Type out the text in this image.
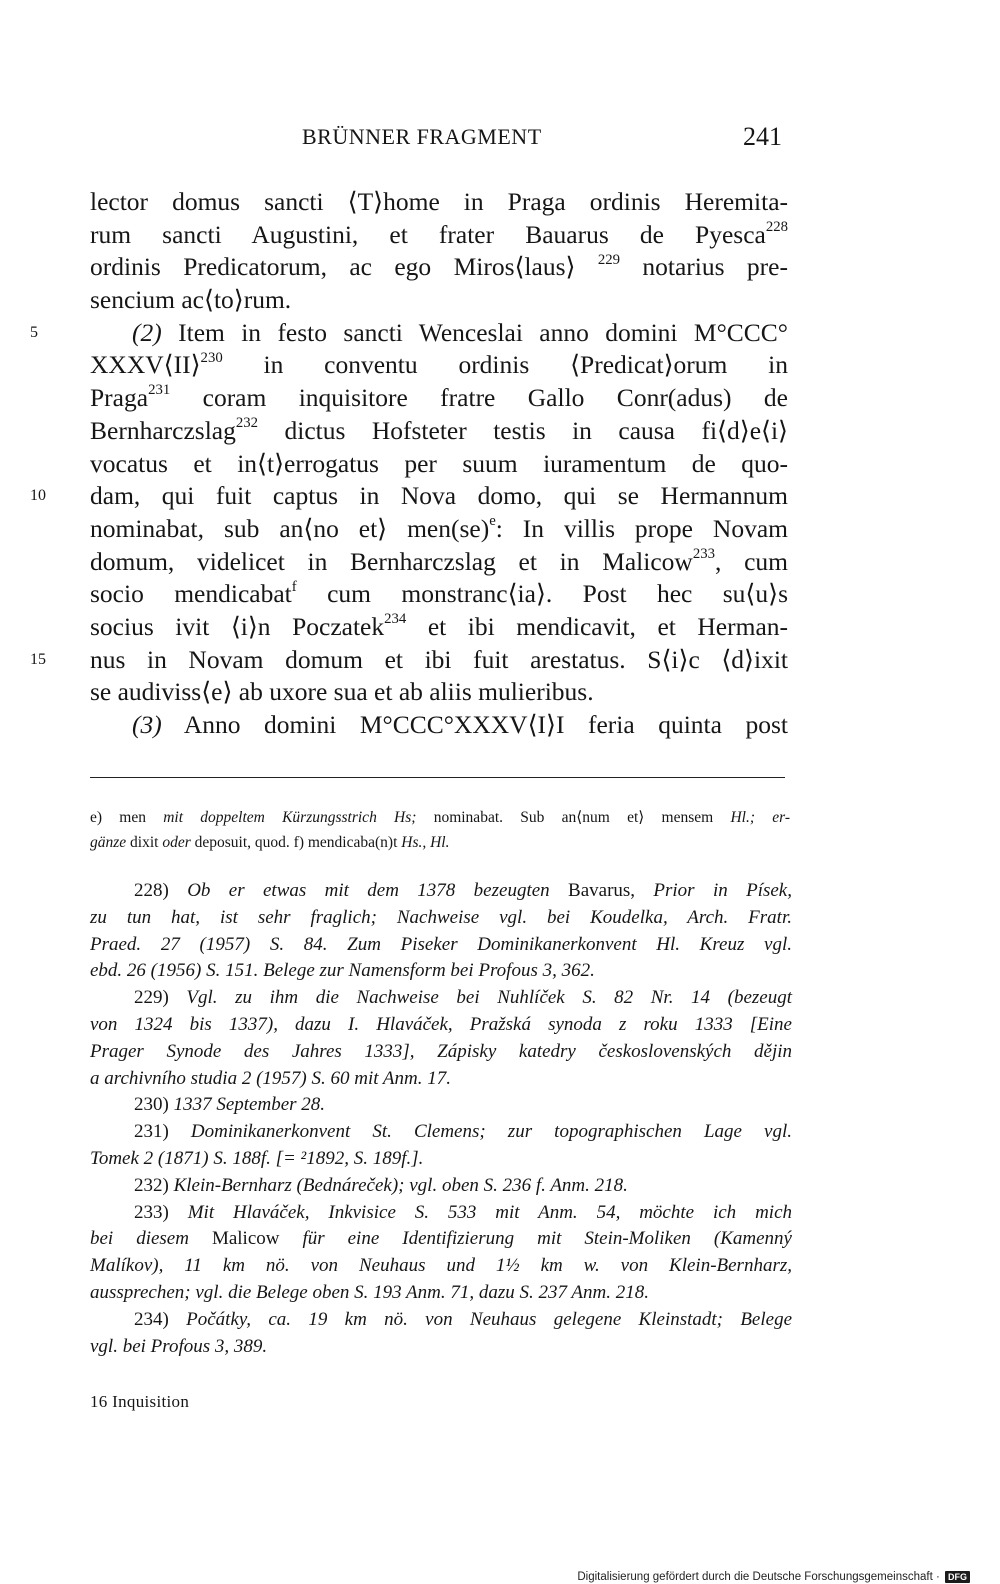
BRÜNNER FRAGMENT	241
lector domus sancti ⟨T⟩home in Praga ordinis Heremita-
rum sancti Augustini, et frater Bauarus de Pyesca$^{228}$
ordinis Predicatorum, ac ego Miros⟨laus⟩ $^{229}$ notarius pre-
sencium ac⟨to⟩rum.
5	(2) Item in festo sancti Wenceslai anno domini M°CCC°
XXXV⟨II⟩$^{230}$ in conventu ordinis ⟨Predicat⟩orum in
Praga$^{231}$ coram inquisitore fratre Gallo Conr(adus) de
Bernharczslag$^{232}$ dictus Hofsteter testis in causa fi⟨d⟩e⟨i⟩
vocatus et in⟨t⟩errogatus per suum iuramentum de quo-
10	dam, qui fuit captus in Nova domo, qui se Hermannum
nominabat, sub an⟨no et⟩ men(se)$^e$: In villis prope Novam
domum, videlicet in Bernharczslag et in Malicow$^{233}$, cum
socio mendicabat$^f$ cum monstranc⟨ia⟩. Post hec su⟨u⟩s
socius ivit ⟨i⟩n Poczatek$^{234}$ et ibi mendicavit, et Herman-
15	nus in Novam domum et ibi fuit arestatus. S⟨i⟩c ⟨d⟩ixit
se audiviss⟨e⟩ ab uxore sua et ab aliis mulieribus.
(3) Anno domini M°CCC°XXXV⟨I⟩I feria quinta post
e) men mit doppeltem Kürzungsstrich Hs; nominabat. Sub an⟨num et⟩ mensem Hl.; er-
gänze dixit oder deposuit, quod. f) mendicaba(n)t Hs., Hl.
228) Ob er etwas mit dem 1378 bezeugten Bavarus, Prior in Písek,
zu tun hat, ist sehr fraglich; Nachweise vgl. bei Koudelka, Arch. Fratr.
Praed. 27 (1957) S. 84. Zum Piseker Dominikanerkonvent Hl. Kreuz vgl.
ebd. 26 (1956) S. 151. Belege zur Namensform bei Profous 3, 362.
229) Vgl. zu ihm die Nachweise bei Nuhlíček S. 82 Nr. 14 (bezeugt
von 1324 bis 1337), dazu I. Hlaváček, Pražská synoda z roku 1333 [Eine
Prager Synode des Jahres 1333], Zápisky katedry československých dějin
a archivního studia 2 (1957) S. 60 mit Anm. 17.
230) 1337 September 28.
231) Dominikanerkonvent St. Clemens; zur topographischen Lage vgl.
Tomek 2 (1871) S. 188f. [= ²1892, S. 189f.].
232) Klein-Bernharz (Bednáreček); vgl. oben S. 236 f. Anm. 218.
233) Mit Hlaváček, Inkvisice S. 533 mit Anm. 54, möchte ich mich
bei diesem Malicow für eine Identifizierung mit Stein-Moliken (Kamenný
Malíkov), 11 km nö. von Neuhaus und 1½ km w. von Klein-Bernharz,
aussprechen; vgl. die Belege oben S. 193 Anm. 71, dazu S. 237 Anm. 218.
234) Počátky, ca. 19 km nö. von Neuhaus gelegene Kleinstadt; Belege
vgl. bei Profous 3, 389.
16 Inquisition
Digitalisierung gefördert durch die Deutsche Forschungsgemeinschaft · DFG
